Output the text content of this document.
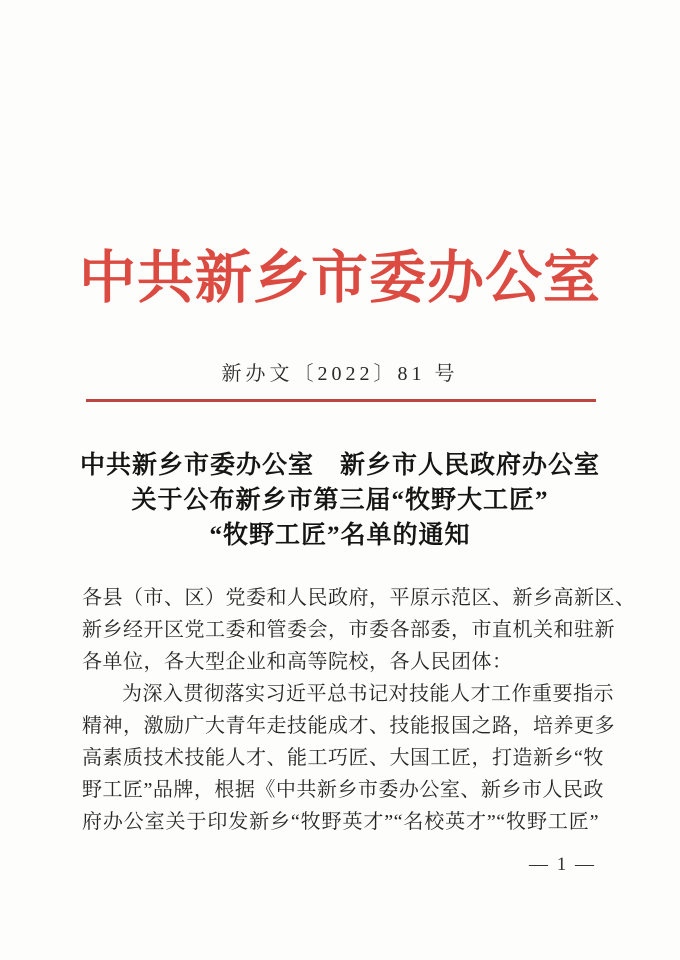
中共新乡市委办公室
新办文〔2022〕81 号
中共新乡市委办公室　新乡市人民政府办公室
关于公布新乡市第三届“牧野大工匠”
“牧野工匠”名单的通知
各县（市、区）党委和人民政府，平原示范区、新乡高新区、
新乡经开区党工委和管委会，市委各部委，市直机关和驻新
各单位，各大型企业和高等院校，各人民团体：
为深入贯彻落实习近平总书记对技能人才工作重要指示
精神，激励广大青年走技能成才、技能报国之路，培养更多
高素质技术技能人才、能工巧匠、大国工匠，打造新乡“牧
野工匠”品牌，根据《中共新乡市委办公室、新乡市人民政
府办公室关于印发新乡“牧野英才”“名校英才”“牧野工匠”
— 1 —
